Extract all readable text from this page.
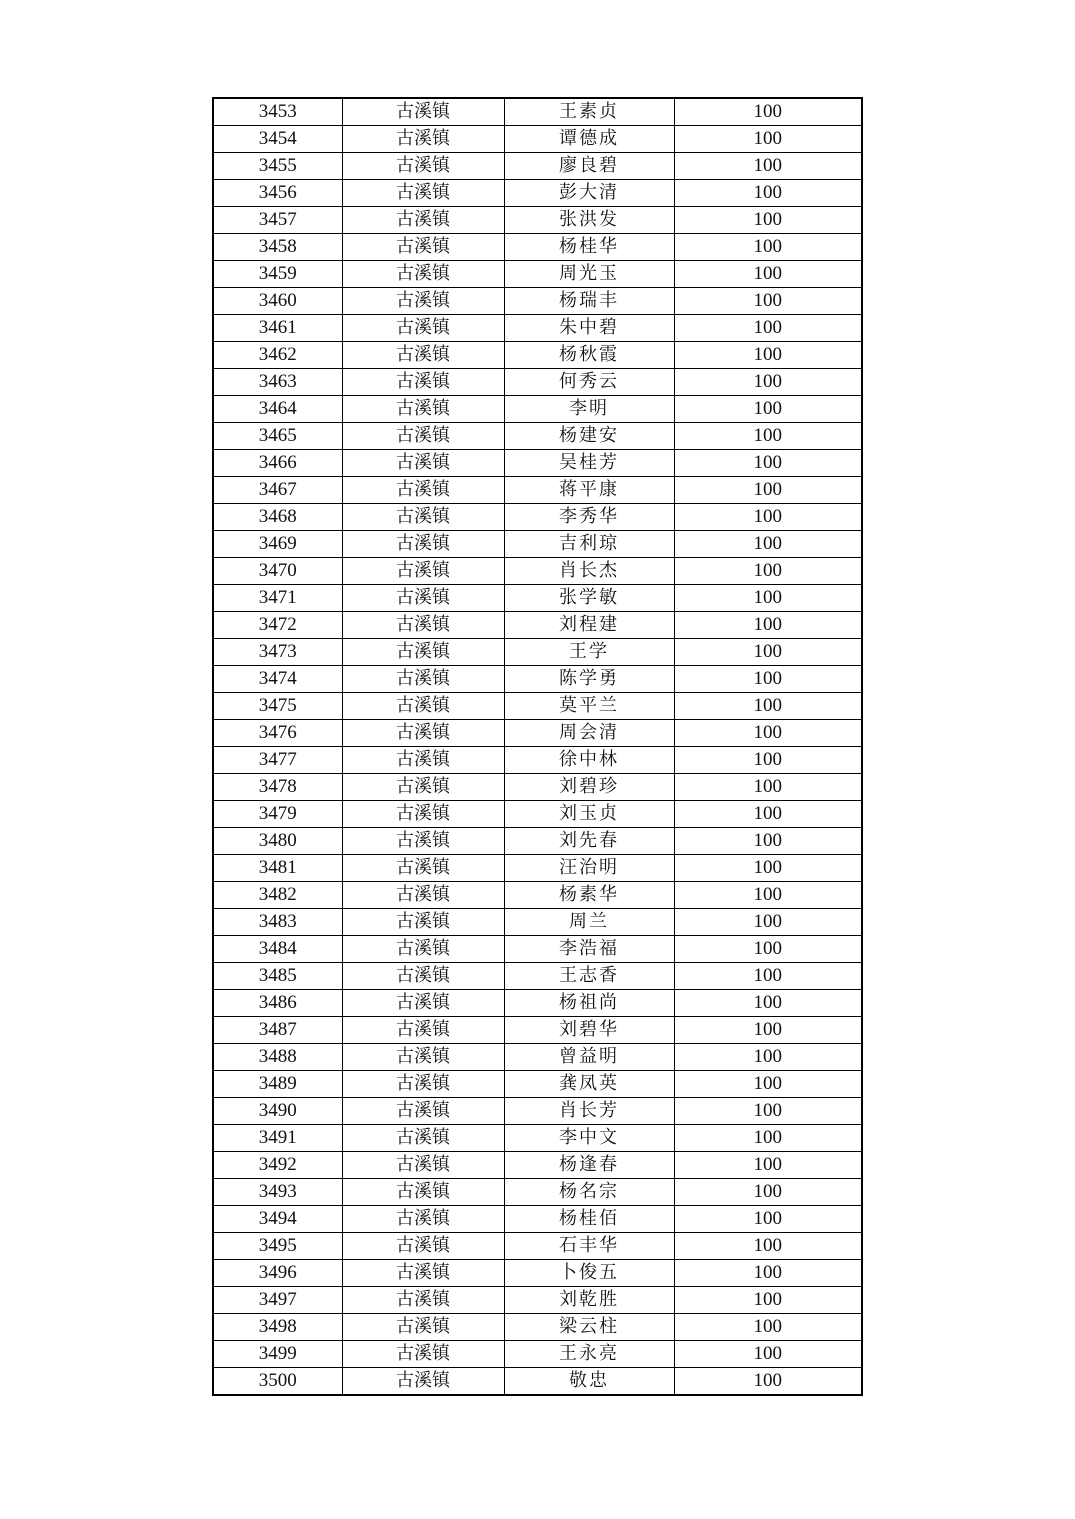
3453	古溪镇	王素贞	100
3454	古溪镇	谭德成	100
3455	古溪镇	廖良碧	100
3456	古溪镇	彭大清	100
3457	古溪镇	张洪发	100
3458	古溪镇	杨桂华	100
3459	古溪镇	周光玉	100
3460	古溪镇	杨瑞丰	100
3461	古溪镇	朱中碧	100
3462	古溪镇	杨秋霞	100
3463	古溪镇	何秀云	100
3464	古溪镇	李明	100
3465	古溪镇	杨建安	100
3466	古溪镇	吴桂芳	100
3467	古溪镇	蒋平康	100
3468	古溪镇	李秀华	100
3469	古溪镇	吉利琼	100
3470	古溪镇	肖长杰	100
3471	古溪镇	张学敏	100
3472	古溪镇	刘程建	100
3473	古溪镇	王学	100
3474	古溪镇	陈学勇	100
3475	古溪镇	莫平兰	100
3476	古溪镇	周会清	100
3477	古溪镇	徐中林	100
3478	古溪镇	刘碧珍	100
3479	古溪镇	刘玉贞	100
3480	古溪镇	刘先春	100
3481	古溪镇	汪治明	100
3482	古溪镇	杨素华	100
3483	古溪镇	周兰	100
3484	古溪镇	李浩福	100
3485	古溪镇	王志香	100
3486	古溪镇	杨祖尚	100
3487	古溪镇	刘碧华	100
3488	古溪镇	曾益明	100
3489	古溪镇	龚凤英	100
3490	古溪镇	肖长芳	100
3491	古溪镇	李中文	100
3492	古溪镇	杨逢春	100
3493	古溪镇	杨名宗	100
3494	古溪镇	杨桂佰	100
3495	古溪镇	石丰华	100
3496	古溪镇	卜俊五	100
3497	古溪镇	刘乾胜	100
3498	古溪镇	梁云柱	100
3499	古溪镇	王永亮	100
3500	古溪镇	敬忠	100
